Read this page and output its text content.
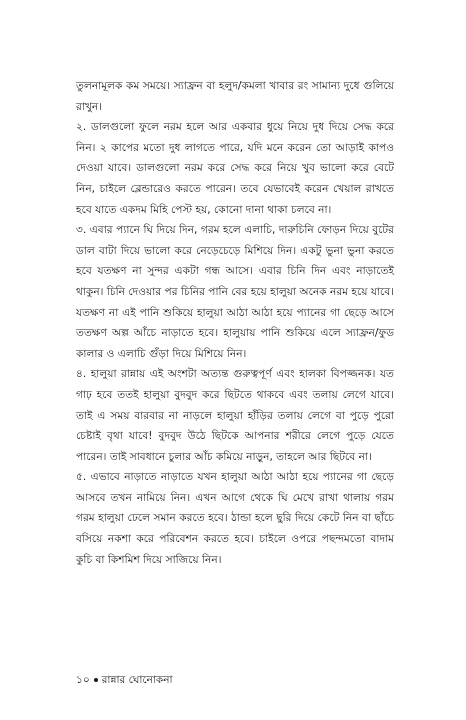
তুলনামূলক কম সময়ে। স্যাফ্রন বা হলুদ/কমলা খাবার রং সামান্য দুধে গুলিয়ে রাখুন।

২. ডালগুলো ফুলে নরম হলে আর একবার ধুয়ে নিয়ে দুধ দিয়ে সেদ্ধ করে নিন। ২ কাপের মতো দুধ লাগতে পারে, যদি মনে করেন তো আড়াই কাপও দেওয়া যাবে। ডালগুলো নরম করে সেদ্ধ করে নিয়ে খুব ভালো করে বেটে নিন, চাইলে ব্লেন্ডারেও করতে পারেন। তবে যেভাবেই করেন খেয়াল রাখতে হবে যাতে একদম মিহি পেস্ট হয়, কোনো দানা থাকা চলবে না।

৩. এবার প্যানে ঘি দিয়ে দিন, গরম হলে এলাচি, দারুচিনি ফোড়ন দিয়ে বুটের ডাল বাটা দিয়ে ভালো করে নেড়েচেড়ে মিশিয়ে দিন। একটু ভুনা ভুনা করতে হবে যতক্ষণ না সুন্দর একটা গন্ধ আসে। এবার চিনি দিন এবং নাড়াতেই থাকুন। চিনি দেওয়ার পর চিনির পানি বের হয়ে হালুয়া অনেক নরম হয়ে যাবে। যতক্ষণ না এই পানি শুকিয়ে হালুয়া আঠা আঠা হয়ে প্যানের গা ছেড়ে আসে ততক্ষণ অল্প আঁচে নাড়াতে হবে। হালুয়ায় পানি শুকিয়ে এলে স্যাফ্রন/ফুড কালার ও এলাচি গুঁড়া দিয়ে মিশিয়ে নিন।

৪. হালুয়া রান্নায় এই অংশটা অত্যন্ত গুরুত্বপূর্ণ এবং হালকা বিপজ্জনক। যত গাঢ় হবে ততই হালুয়া বুদবুদ করে ছিটতে থাকবে এবং তলায় লেগে যাবে। তাই এ সময় বারবার না নাড়লে হালুয়া হাঁড়ির তলায় লেগে বা পুড়ে পুরো চেষ্টাই বৃথা যাবে! বুদবুদ উঠে ছিটকে আপনার শরীরে লেগে পুড়ে যেতে পারেন। তাই সাবধানে চুলার আঁচ কমিয়ে নাড়ুন, তাহলে আর ছিটবে না।

৫. এভাবে নাড়াতে নাড়াতে যখন হালুয়া আঠা আঠা হয়ে প্যানের গা ছেড়ে আসবে তখন নামিয়ে নিন। এখন আগে থেকে ঘি মেখে রাখা থালায় গরম গরম হালুয়া ঢেলে সমান করতে হবে। ঠান্ডা হলে ছুরি দিয়ে কেটে নিন বা ছাঁচে বসিয়ে নকশা করে পরিবেশন করতে হবে। চাইলে ওপরে পছন্দমতো বাদাম কুচি বা কিশমিশ দিয়ে সাজিয়ে নিন।

১০ রান্নার ঘোনোকনা
